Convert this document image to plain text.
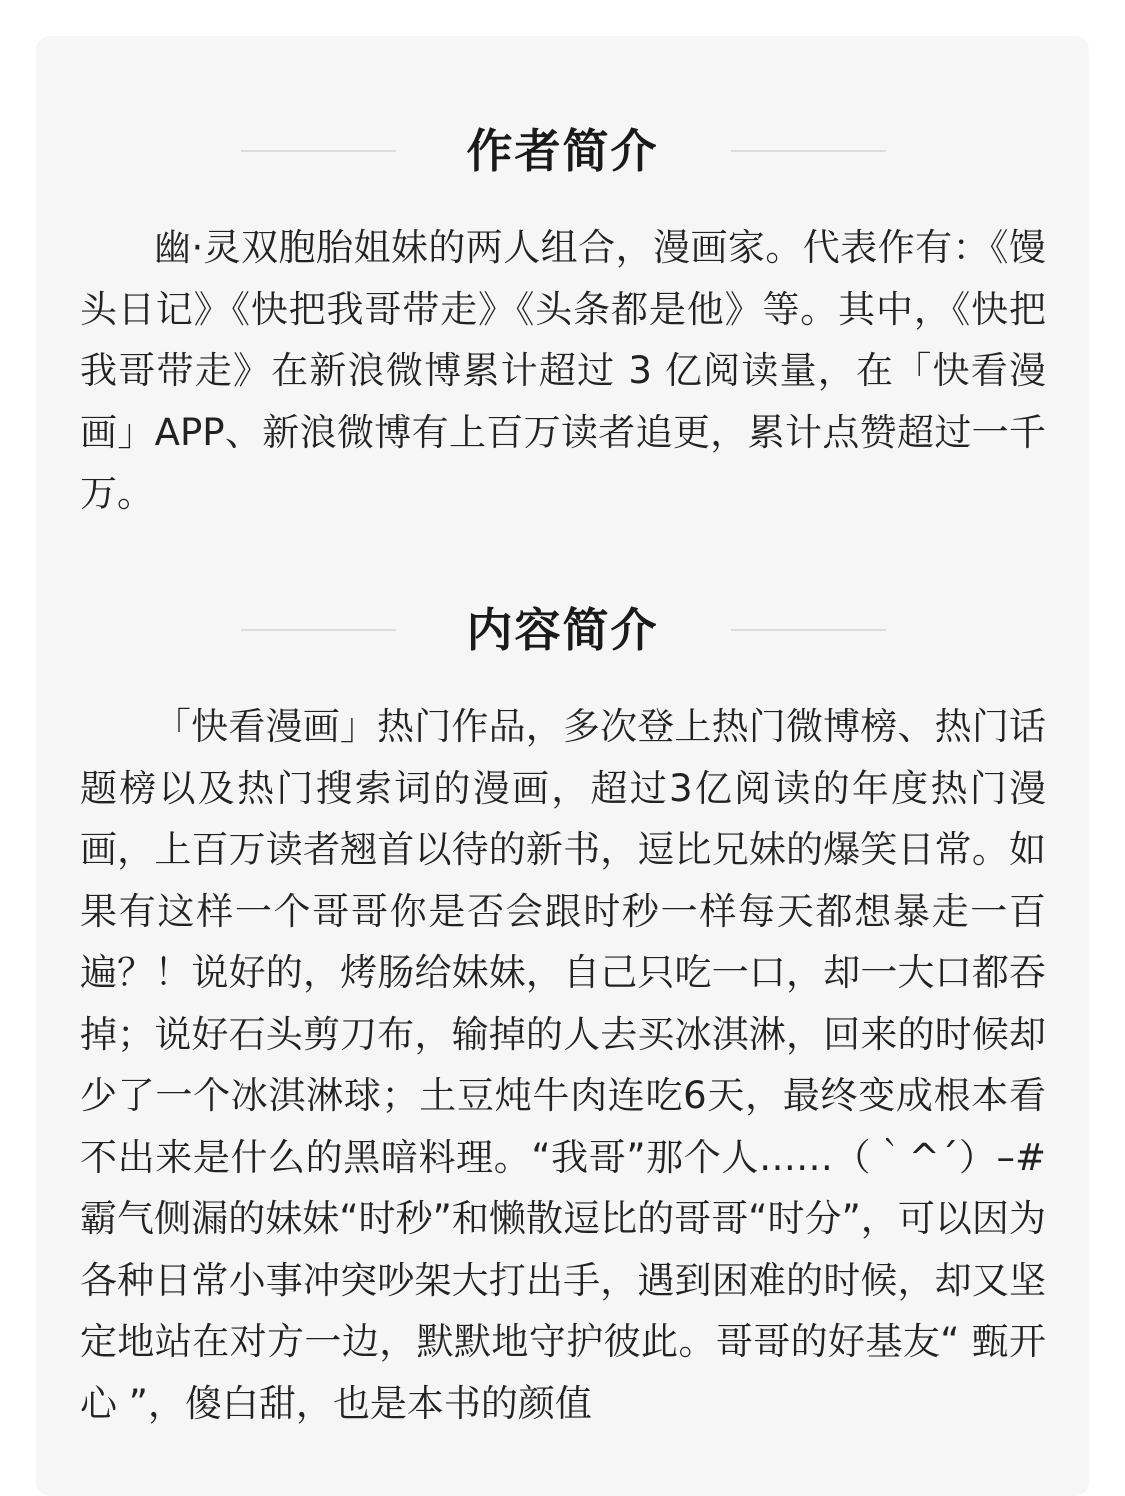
作者简介

幽·灵双胞胎姐妹的两人组合，漫画家。代表作有：《馒头日记》《快把我哥带走》《头条都是他》等。其中，《快把我哥带走》在新浪微博累计超过 3 亿阅读量，在「快看漫画」APP、新浪微博有上百万读者追更，累计点赞超过一千万。

内容简介

「快看漫画」热门作品，多次登上热门微博榜、热门话题榜以及热门搜索词的漫画，超过3亿阅读的年度热门漫画，上百万读者翘首以待的新书，逗比兄妹的爆笑日常。如果有这样一个哥哥你是否会跟时秒一样每天都想暴走一百遍？！说好的，烤肠给妹妹，自己只吃一口，却一大口都吞掉；说好石头剪刀布，输掉的人去买冰淇淋，回来的时候却少了一个冰淇淋球；土豆炖牛肉连吃6天，最终变成根本看不出来是什么的黑暗料理。“我哥”那个人……（｀^´）–#霸气侧漏的妹妹“时秒”和懒散逗比的哥哥“时分”，可以因为各种日常小事冲突吵架大打出手，遇到困难的时候，却又坚定地站在对方一边，默默地守护彼此。哥哥的好基友“ 甄开心 ”，傻白甜，也是本书的颜值
